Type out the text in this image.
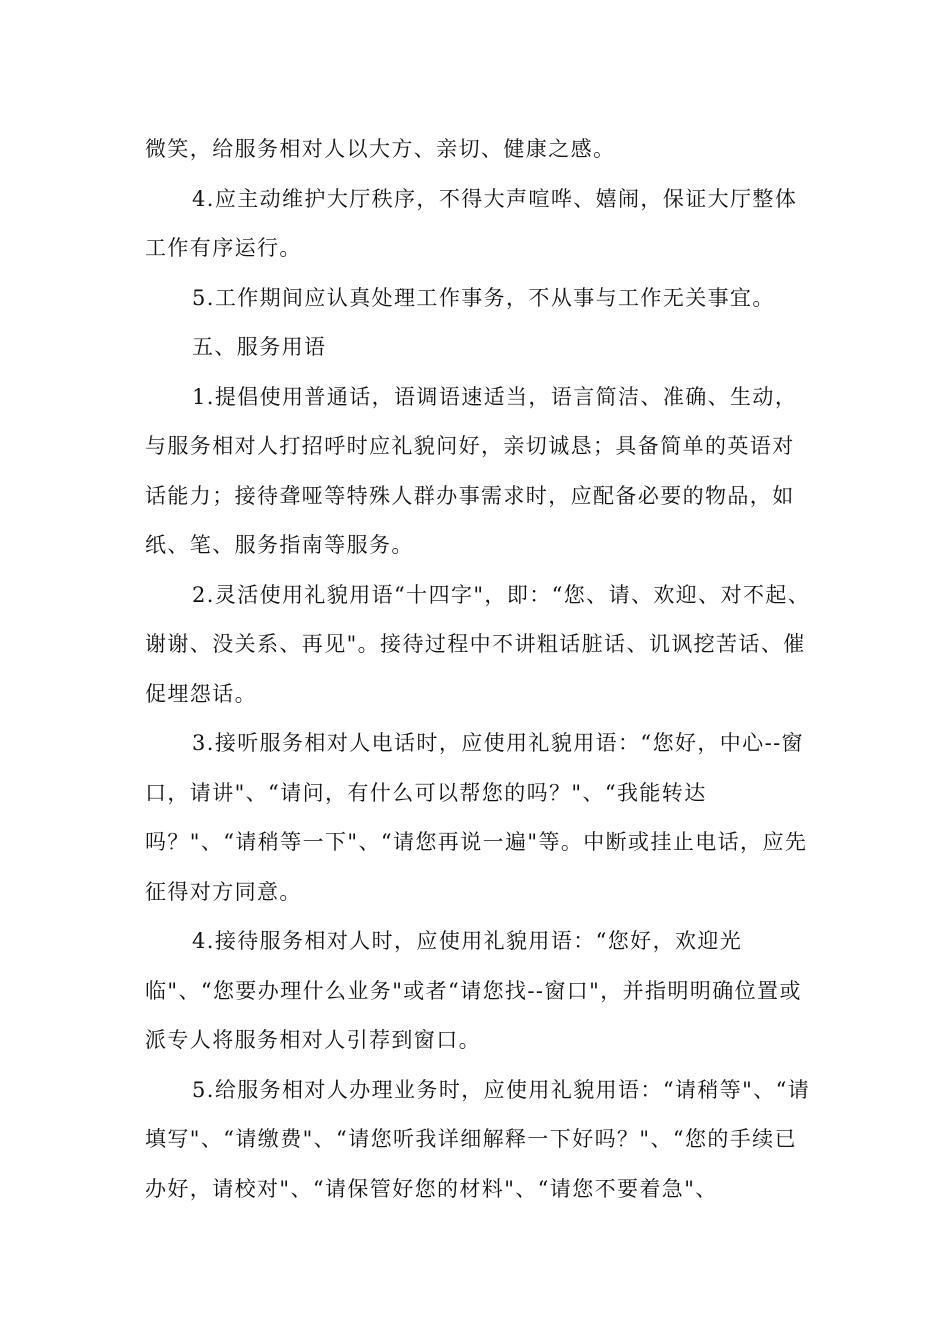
微笑，给服务相对人以大方、亲切、健康之感。

4.应主动维护大厅秩序，不得大声喧哗、嬉闹，保证大厅整体工作有序运行。

5.工作期间应认真处理工作事务，不从事与工作无关事宜。

五、服务用语

1.提倡使用普通话，语调语速适当，语言简洁、准确、生动，与服务相对人打招呼时应礼貌问好，亲切诚恳；具备简单的英语对话能力；接待聋哑等特殊人群办事需求时，应配备必要的物品，如纸、笔、服务指南等服务。

2.灵活使用礼貌用语“十四字"，即：“您、请、欢迎、对不起、谢谢、没关系、再见"。接待过程中不讲粗话脏话、讥讽挖苦话、催促埋怨话。

3.接听服务相对人电话时，应使用礼貌用语：“您好，中心--窗口，请讲"、“请问，有什么可以帮您的吗？"、“我能转达吗？"、“请稍等一下"、“请您再说一遍"等。中断或挂止电话，应先征得对方同意。

4.接待服务相对人时，应使用礼貌用语：“您好，欢迎光临"、“您要办理什么业务"或者“请您找--窗口"，并指明明确位置或派专人将服务相对人引荐到窗口。

5.给服务相对人办理业务时，应使用礼貌用语：“请稍等"、“请填写"、“请缴费"、“请您听我详细解释一下好吗？"、“您的手续已办好，请校对"、“请保管好您的材料"、“请您不要着急"、
